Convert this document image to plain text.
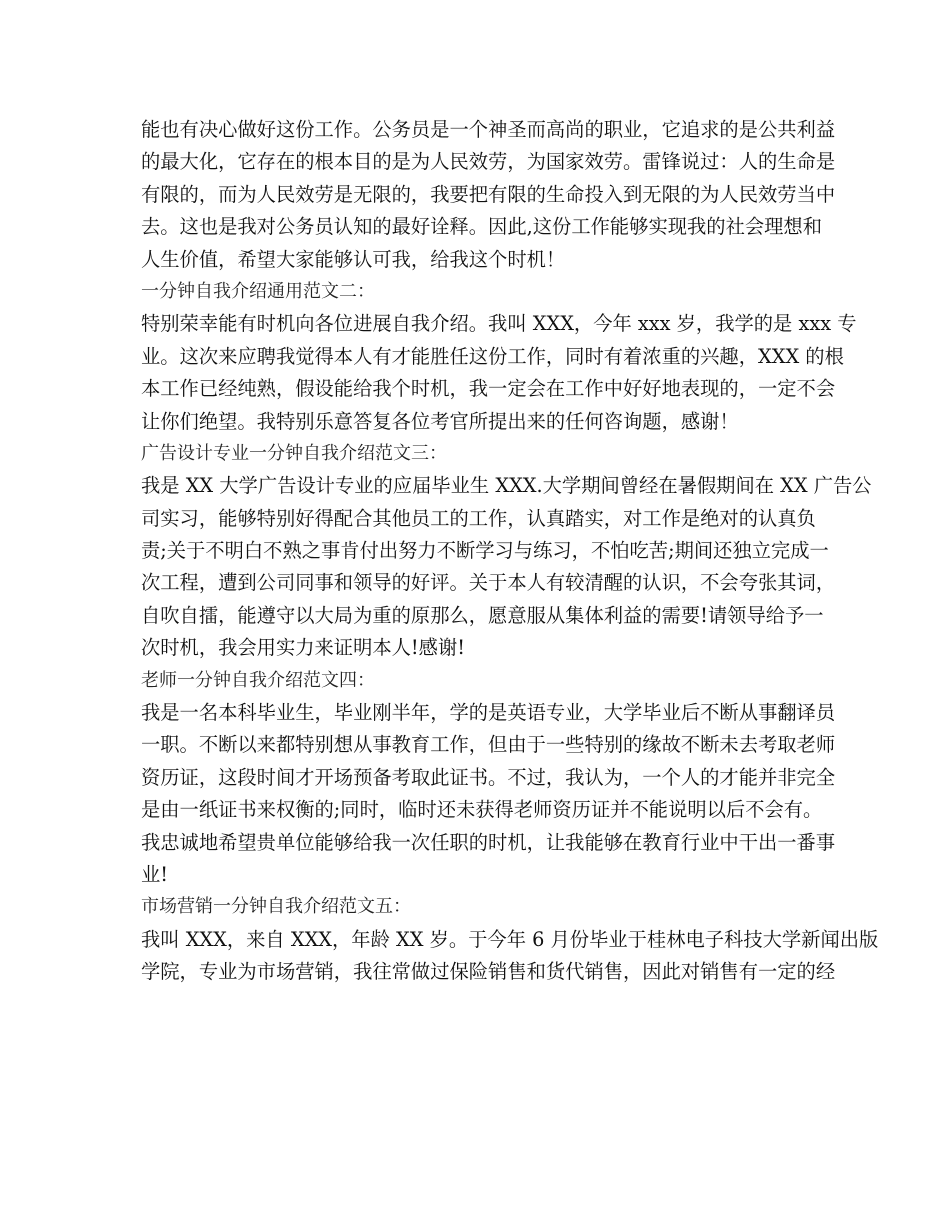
能也有决心做好这份工作。公务员是一个神圣而高尚的职业，它追求的是公共利益
的最大化，它存在的根本目的是为人民效劳，为国家效劳。雷锋说过：人的生命是
有限的，而为人民效劳是无限的，我要把有限的生命投入到无限的为人民效劳当中
去。这也是我对公务员认知的最好诠释。因此,这份工作能够实现我的社会理想和
人生价值，希望大家能够认可我，给我这个时机！
一分钟自我介绍通用范文二：
特别荣幸能有时机向各位进展自我介绍。我叫 XXX，今年 xxx 岁，我学的是 xxx 专
业。这次来应聘我觉得本人有才能胜任这份工作，同时有着浓重的兴趣，XXX 的根
本工作已经纯熟，假设能给我个时机，我一定会在工作中好好地表现的，一定不会
让你们绝望。我特别乐意答复各位考官所提出来的任何咨询题，感谢！
广告设计专业一分钟自我介绍范文三：
我是 XX 大学广告设计专业的应届毕业生 XXX.大学期间曾经在暑假期间在 XX 广告公
司实习，能够特别好得配合其他员工的工作，认真踏实，对工作是绝对的认真负
责;关于不明白不熟之事肯付出努力不断学习与练习，不怕吃苦;期间还独立完成一
次工程，遭到公司同事和领导的好评。关于本人有较清醒的认识，不会夸张其词，
自吹自擂，能遵守以大局为重的原那么，愿意服从集体利益的需要!请领导给予一
次时机，我会用实力来证明本人!感谢!
老师一分钟自我介绍范文四：
我是一名本科毕业生，毕业刚半年，学的是英语专业，大学毕业后不断从事翻译员
一职。不断以来都特别想从事教育工作，但由于一些特别的缘故不断未去考取老师
资历证，这段时间才开场预备考取此证书。不过，我认为，一个人的才能并非完全
是由一纸证书来权衡的;同时，临时还未获得老师资历证并不能说明以后不会有。
我忠诚地希望贵单位能够给我一次任职的时机，让我能够在教育行业中干出一番事
业!
市场营销一分钟自我介绍范文五：
我叫 XXX，来自 XXX，年龄 XX 岁。于今年 6 月份毕业于桂林电子科技大学新闻出版
学院，专业为市场营销，我往常做过保险销售和货代销售，因此对销售有一定的经
